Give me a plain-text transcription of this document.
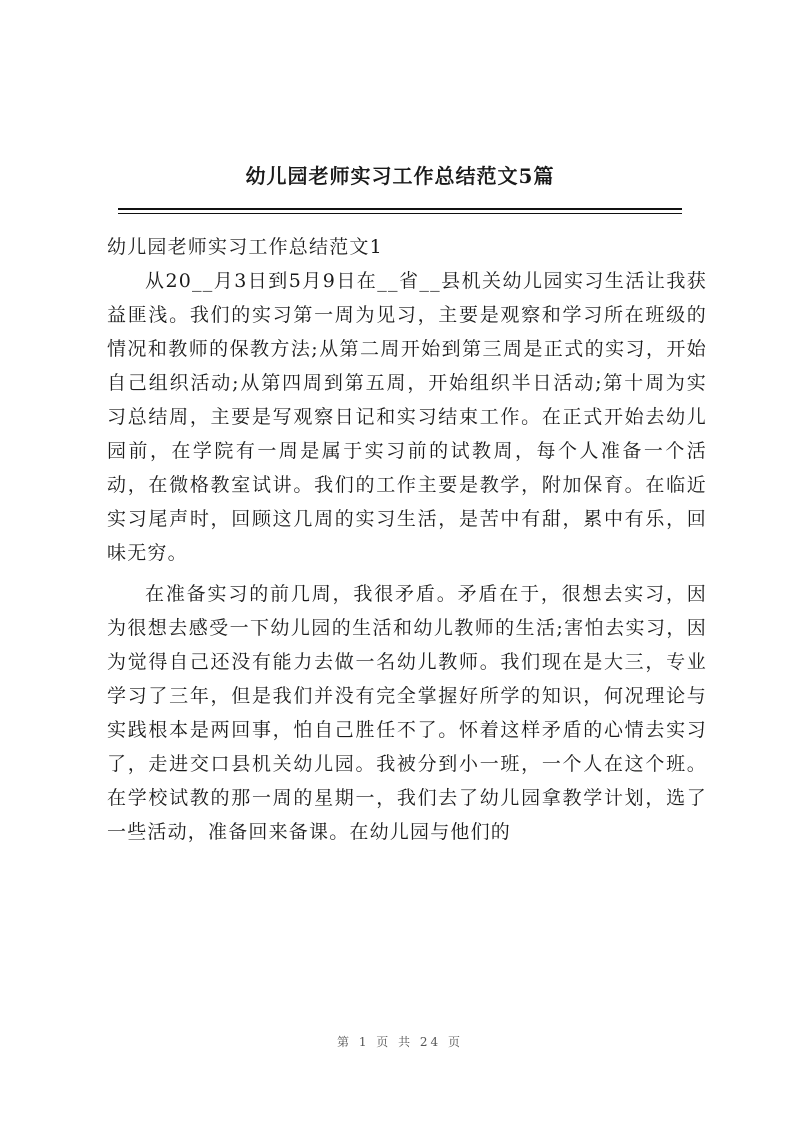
幼儿园老师实习工作总结范文5篇
幼儿园老师实习工作总结范文1

从20__月3日到5月9日在__省__县机关幼儿园实习生活让我获益匪浅。我们的实习第一周为见习，主要是观察和学习所在班级的情况和教师的保教方法;从第二周开始到第三周是正式的实习，开始自己组织活动;从第四周到第五周，开始组织半日活动;第十周为实习总结周，主要是写观察日记和实习结束工作。在正式开始去幼儿园前，在学院有一周是属于实习前的试教周，每个人准备一个活动，在微格教室试讲。我们的工作主要是教学，附加保育。在临近实习尾声时，回顾这几周的实习生活，是苦中有甜，累中有乐，回味无穷。

在准备实习的前几周，我很矛盾。矛盾在于，很想去实习，因为很想去感受一下幼儿园的生活和幼儿教师的生活;害怕去实习，因为觉得自己还没有能力去做一名幼儿教师。我们现在是大三，专业学习了三年，但是我们并没有完全掌握好所学的知识，何况理论与实践根本是两回事，怕自己胜任不了。怀着这样矛盾的心情去实习了，走进交口县机关幼儿园。我被分到小一班，一个人在这个班。在学校试教的那一周的星期一，我们去了幼儿园拿教学计划，选了一些活动，准备回来备课。在幼儿园与他们的

第 1 页 共 24 页
